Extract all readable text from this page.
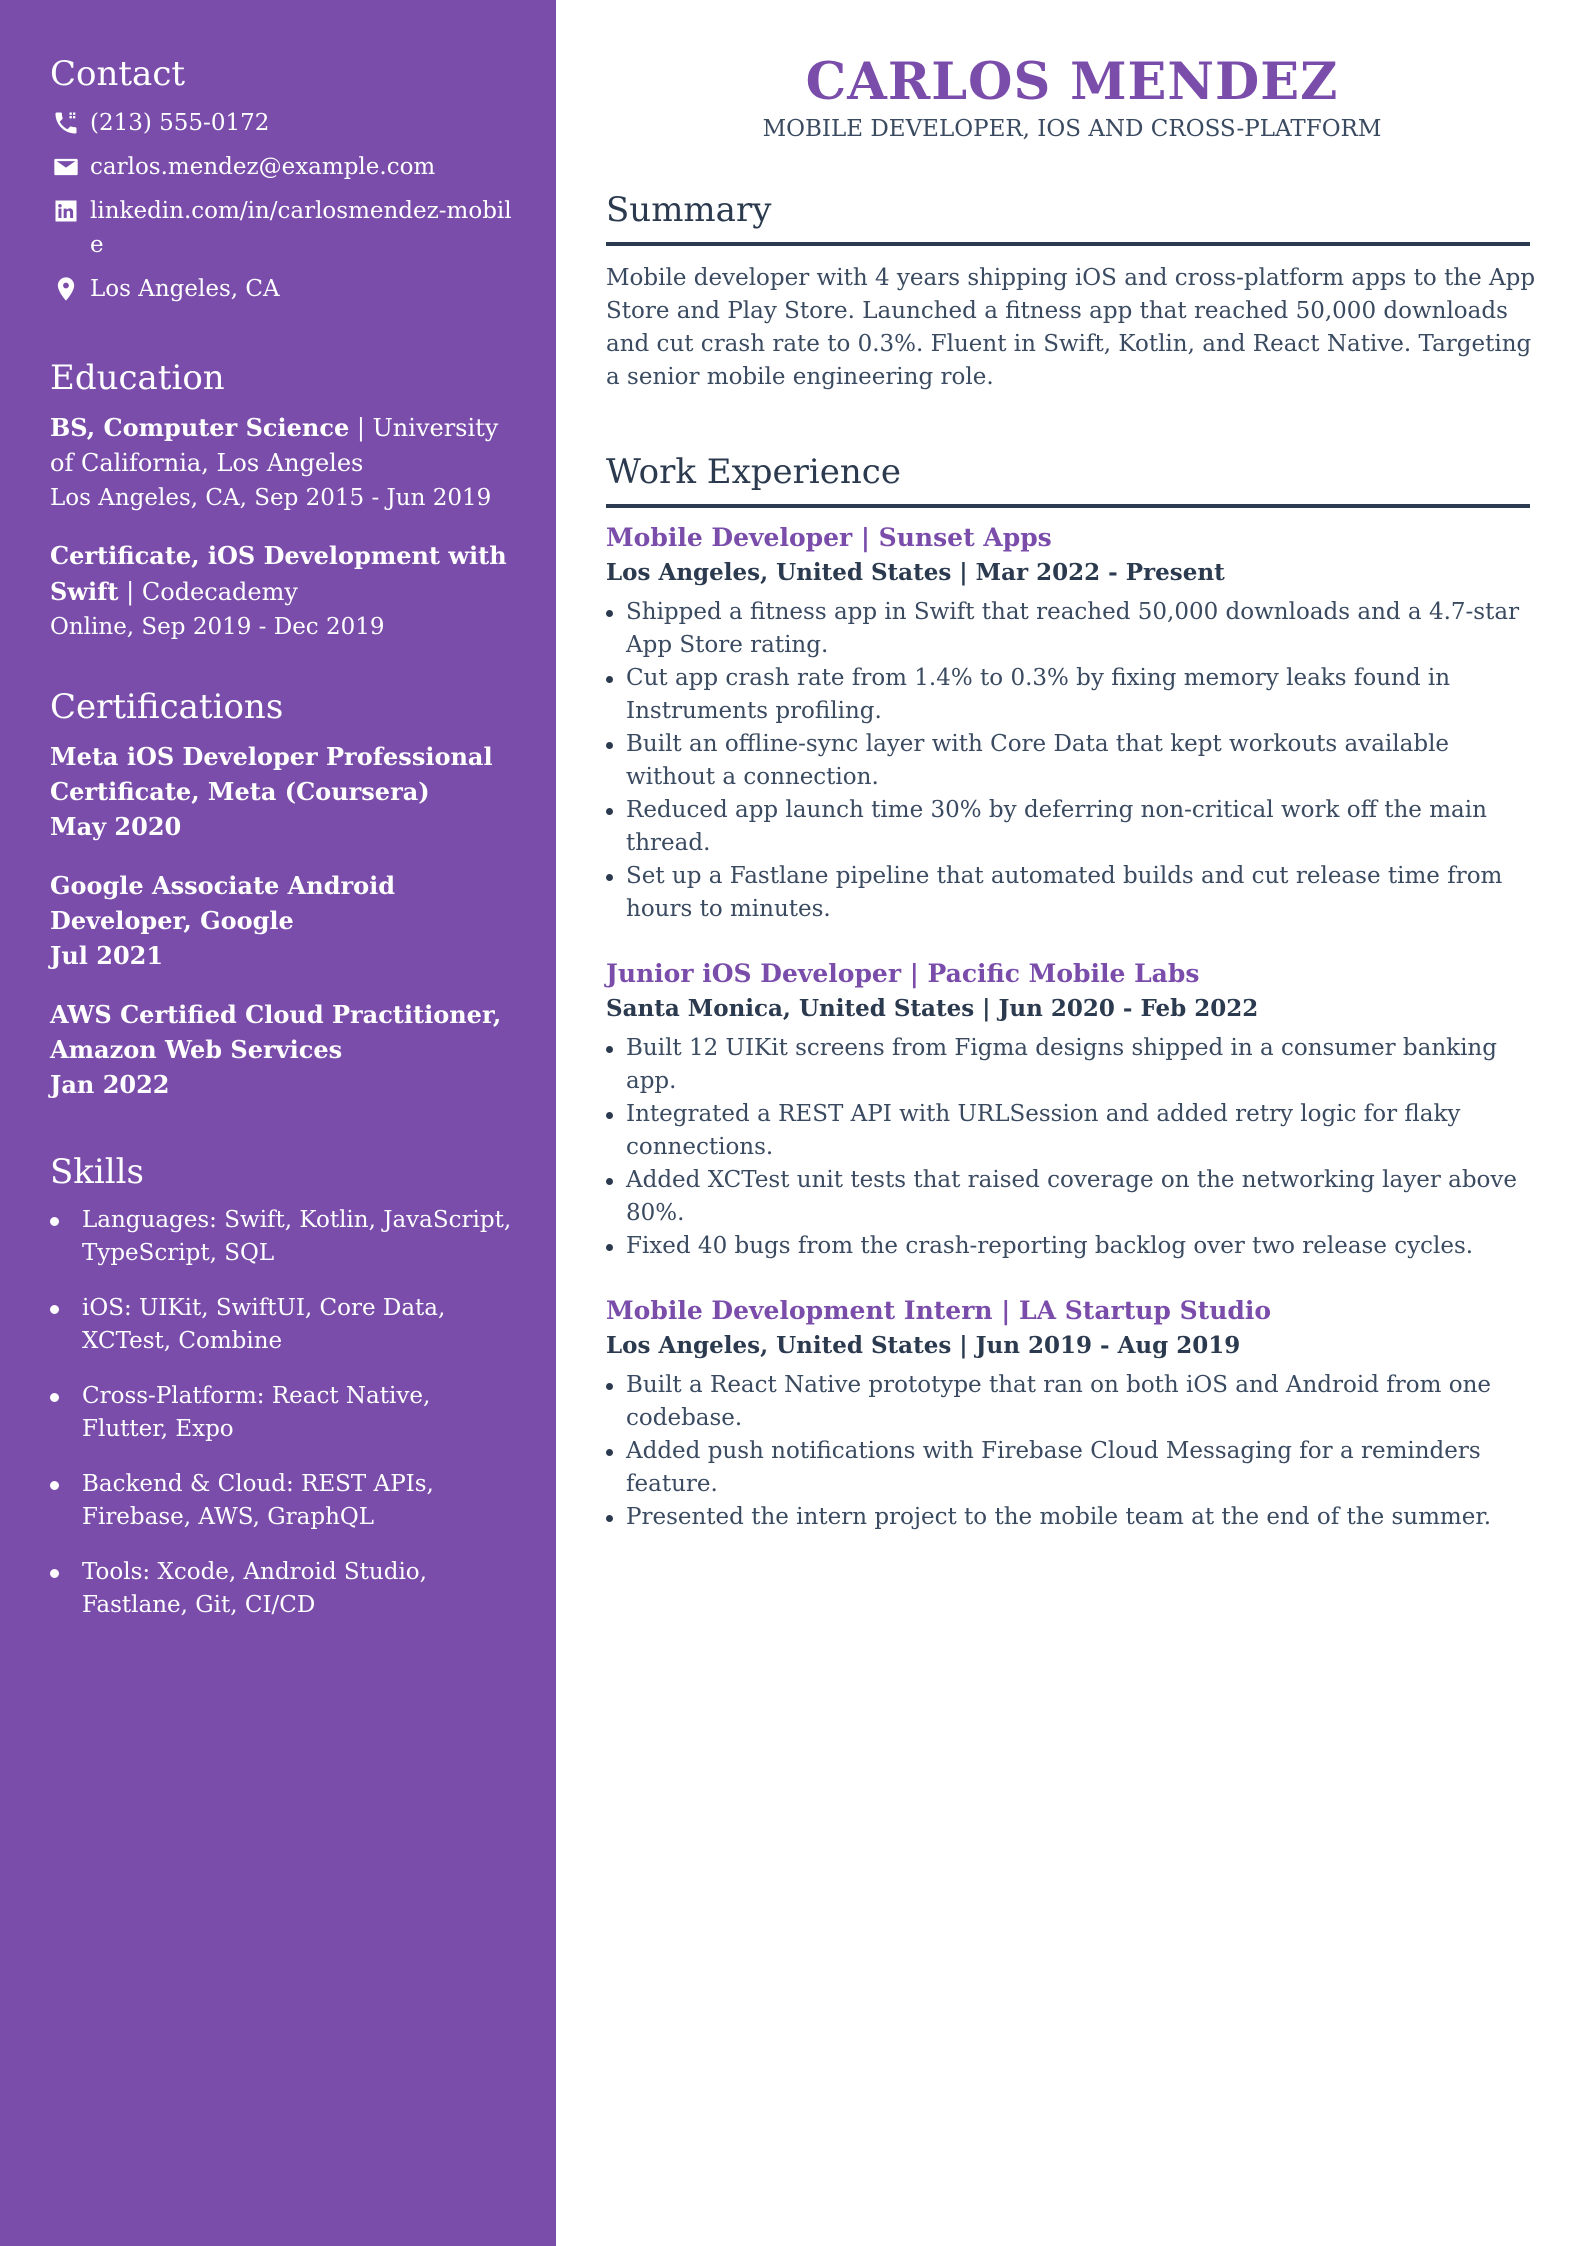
Contact
(213) 555-0172
carlos.mendez@example.com
linkedin.com/in/carlosmendez-mobile
Los Angeles, CA
Education
BS, Computer Science | University of California, Los Angeles
Los Angeles, CA, Sep 2015 - Jun 2019
Certificate, iOS Development with Swift | Codecademy
Online, Sep 2019 - Dec 2019
Certifications
Meta iOS Developer Professional Certificate, Meta (Coursera)
May 2020
Google Associate Android Developer, Google
Jul 2021
AWS Certified Cloud Practitioner, Amazon Web Services
Jan 2022
Skills
Languages: Swift, Kotlin, JavaScript, TypeScript, SQL
iOS: UIKit, SwiftUI, Core Data, XCTest, Combine
Cross-Platform: React Native, Flutter, Expo
Backend & Cloud: REST APIs, Firebase, AWS, GraphQL
Tools: Xcode, Android Studio, Fastlane, Git, CI/CD
CARLOS MENDEZ
MOBILE DEVELOPER, IOS AND CROSS-PLATFORM
Summary

Mobile developer with 4 years shipping iOS and cross-platform apps to the App Store and Play Store. Launched a fitness app that reached 50,000 downloads and cut crash rate to 0.3%. Fluent in Swift, Kotlin, and React Native. Targeting a senior mobile engineering role.

Work Experience
Mobile Developer | Sunset Apps
Los Angeles, United States | Mar 2022 - Present
Shipped a fitness app in Swift that reached 50,000 downloads and a 4.7-star App Store rating.
Cut app crash rate from 1.4% to 0.3% by fixing memory leaks found in Instruments profiling.
Built an offline-sync layer with Core Data that kept workouts available without a connection.
Reduced app launch time 30% by deferring non-critical work off the main thread.
Set up a Fastlane pipeline that automated builds and cut release time from hours to minutes.
Junior iOS Developer | Pacific Mobile Labs
Santa Monica, United States | Jun 2020 - Feb 2022
Built 12 UIKit screens from Figma designs shipped in a consumer banking app.
Integrated a REST API with URLSession and added retry logic for flaky connections.
Added XCTest unit tests that raised coverage on the networking layer above 80%.
Fixed 40 bugs from the crash-reporting backlog over two release cycles.
Mobile Development Intern | LA Startup Studio
Los Angeles, United States | Jun 2019 - Aug 2019
Built a React Native prototype that ran on both iOS and Android from one codebase.
Added push notifications with Firebase Cloud Messaging for a reminders feature.
Presented the intern project to the mobile team at the end of the summer.
